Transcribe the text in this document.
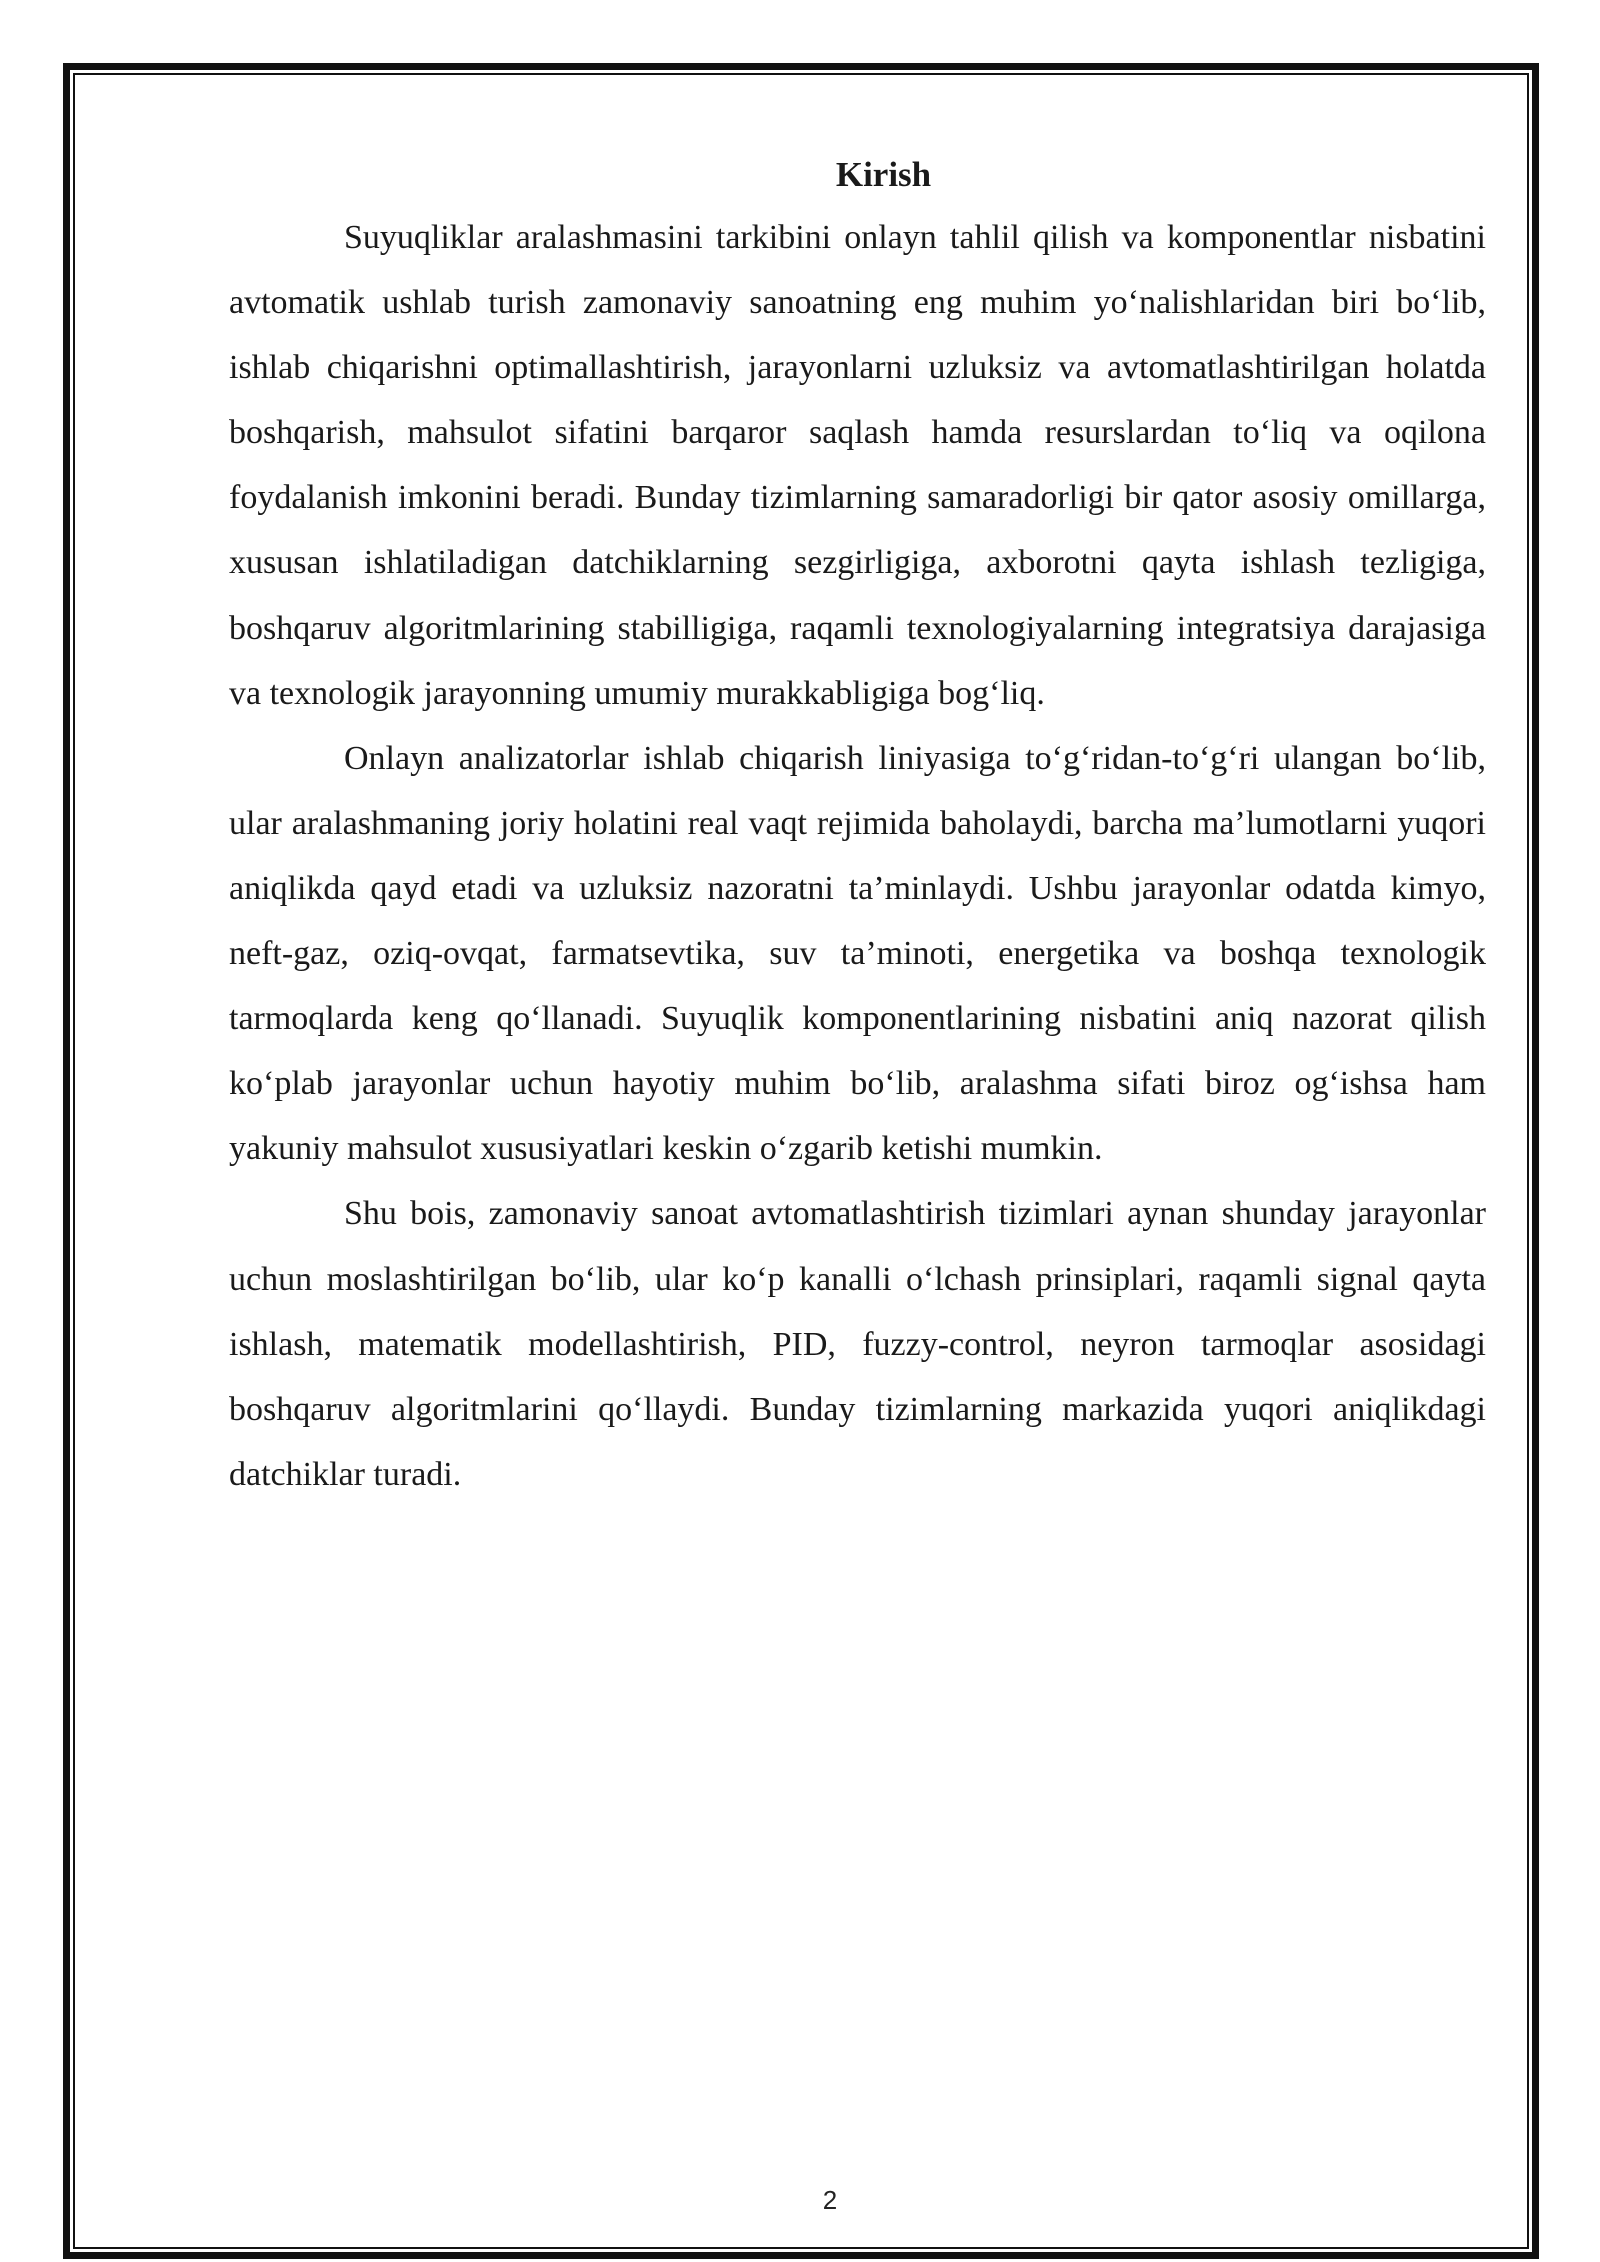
Kirish

Suyuqliklar aralashmasini tarkibini onlayn tahlil qilish va komponentlar nisbatini avtomatik ushlab turish zamonaviy sanoatning eng muhim yo‘nalishlaridan biri bo‘lib, ishlab chiqarishni optimallashtirish, jarayonlarni uzluksiz va avtomatlashtirilgan holatda boshqarish, mahsulot sifatini barqaror saqlash hamda resurslardan to‘liq va oqilona foydalanish imkonini beradi. Bunday tizimlarning samaradorligi bir qator asosiy omillarga, xususan ishlatiladigan datchiklarning sezgirligiga, axborotni qayta ishlash tezligiga, boshqaruv algoritmlarining stabilligiga, raqamli texnologiyalarning integratsiya darajasiga va texnologik jarayonning umumiy murakkabligiga bog‘liq.

Onlayn analizatorlar ishlab chiqarish liniyasiga to‘g‘ridan-to‘g‘ri ulangan bo‘lib, ular aralashmaning joriy holatini real vaqt rejimida baholaydi, barcha ma’lumotlarni yuqori aniqlikda qayd etadi va uzluksiz nazoratni ta’minlaydi. Ushbu jarayonlar odatda kimyo, neft-gaz, oziq-ovqat, farmatsevtika, suv ta’minoti, energetika va boshqa texnologik tarmoqlarda keng qo‘llanadi. Suyuqlik komponentlarining nisbatini aniq nazorat qilish ko‘plab jarayonlar uchun hayotiy muhim bo‘lib, aralashma sifati biroz og‘ishsa ham yakuniy mahsulot xususiyatlari keskin o‘zgarib ketishi mumkin.

Shu bois, zamonaviy sanoat avtomatlashtirish tizimlari aynan shunday jarayonlar uchun moslashtirilgan bo‘lib, ular ko‘p kanalli o‘lchash prinsiplari, raqamli signal qayta ishlash, matematik modellashtirish, PID, fuzzy-control, neyron tarmoqlar asosidagi boshqaruv algoritmlarini qo‘llaydi. Bunday tizimlarning markazida yuqori aniqlikdagi datchiklar turadi.

2
